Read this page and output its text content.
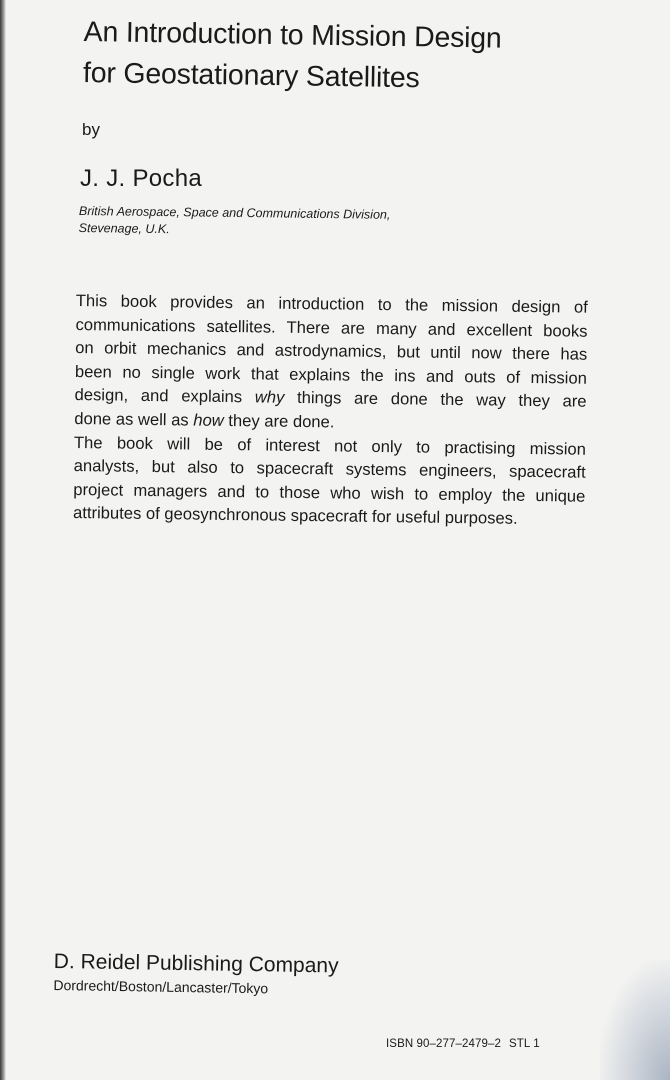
An Introduction to Mission Design
for Geostationary Satellites
by
J. J. Pocha
British Aerospace, Space and Communications Division,
Stevenage, U.K.

This book provides an introduction to the mission design of
communications satellites. There are many and excellent books
on orbit mechanics and astrodynamics, but until now there has
been no single work that explains the ins and outs of mission
design, and explains why things are done the way they are
done as well as how they are done.

The book will be of interest not only to practising mission
analysts, but also to spacecraft systems engineers, spacecraft
project managers and to those who wish to employ the unique
attributes of geosynchronous spacecraft for useful purposes.

D. Reidel Publishing Company
Dordrecht/Boston/Lancaster/Tokyo
ISBN 90–277–2479–2 STL 1
